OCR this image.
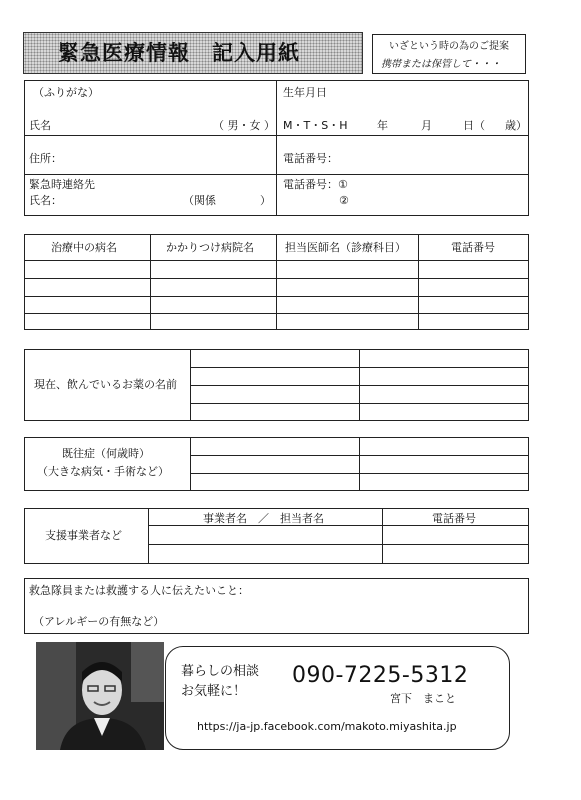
緊急医療情報　記入用紙	いざという時の為のご提案
携帯または保管して・・・
（ふりがな）
氏名	（ 男・女 ）
生年月日
M・T・S・H	年	月	日（ 歳）
住所：	電話番号：
緊急時連絡先
氏名：	（関係　　　　）
電話番号：①
②
治療中の病名	かかりつけ病院名	担当医師名（診療科目）	電話番号
現在、飲んでいるお薬の名前
既往症（何歳時）
（大きな病気・手術など）
支援事業者など
事業者名　／　担当者名	電話番号
救急隊員または救護する人に伝えたいこと：
（アレルギーの有無など）
暮らしの相談
お気軽に！
090-7225-5312
宮下　まこと
https://ja-jp.facebook.com/makoto.miyashita.jp
